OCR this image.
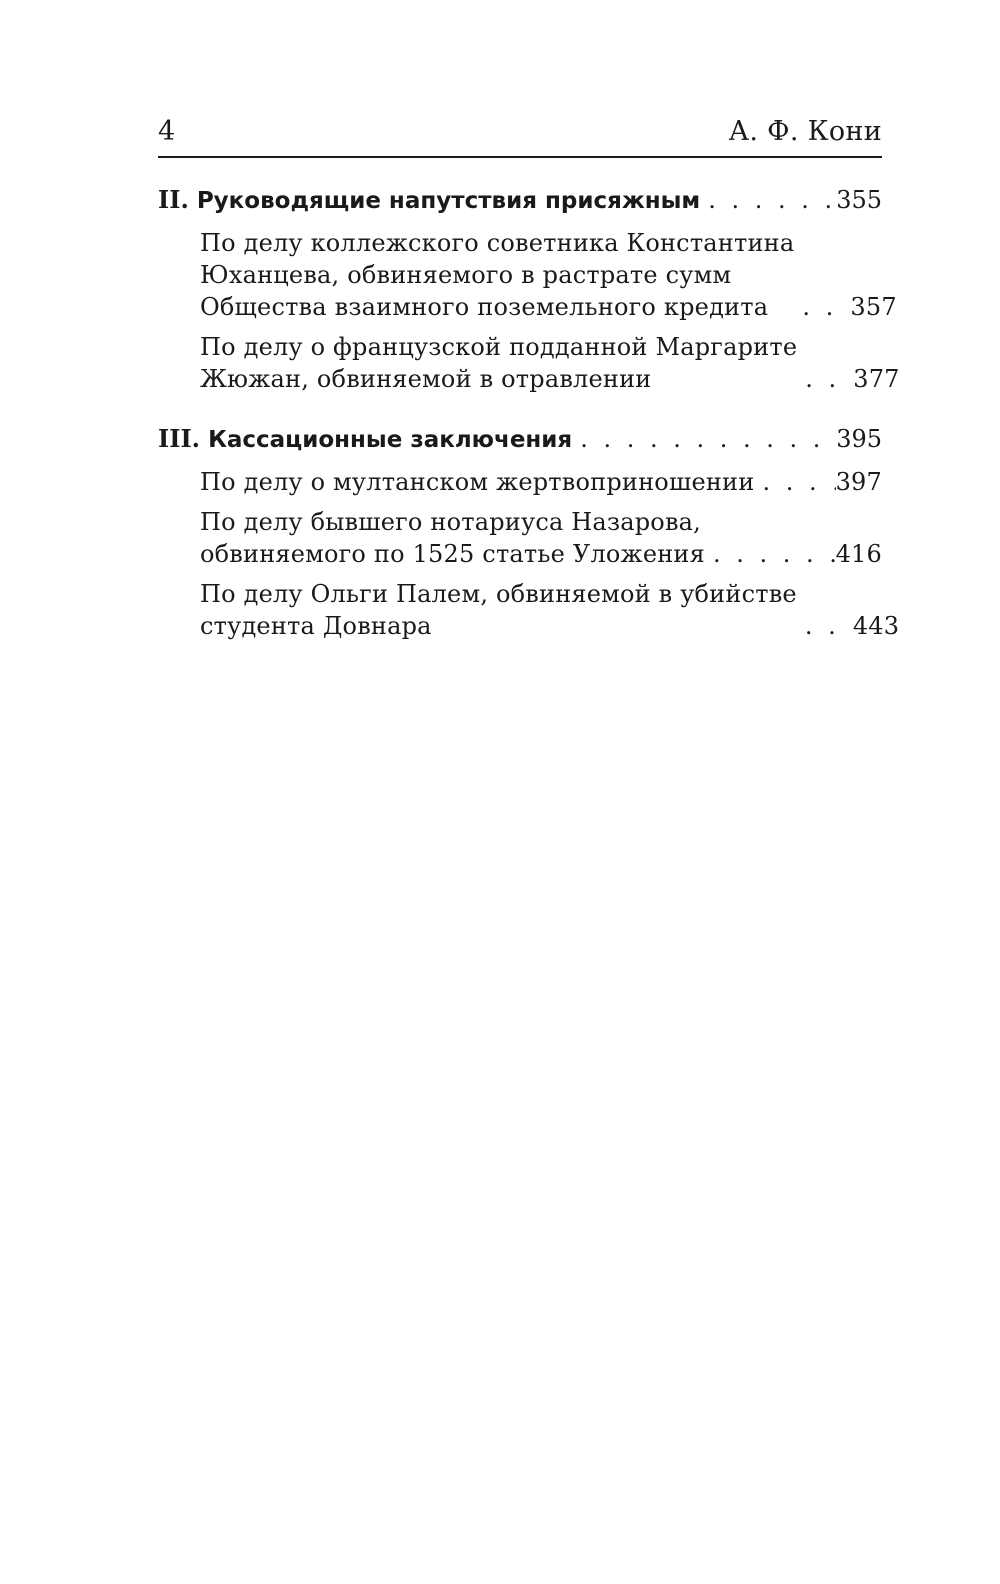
4	А. Ф. Кони
II. Руководящие напутствия присяжным . . .	355
По делу коллежского советника Константина
Юханцева, обвиняемого в растрате сумм
Общества взаимного поземельного кредита . . .	357
По делу о французской подданной Маргарите
Жюжан, обвиняемой в отравлении . . .	377
III. Кассационные заключения . . .	395
По делу о мултанском жертвоприношении . . .	397
По делу бывшего нотариуса Назарова,
обвиняемого по 1525 статье Уложения . . .	416
По делу Ольги Палем, обвиняемой в убийстве
студента Довнара . . .	443
